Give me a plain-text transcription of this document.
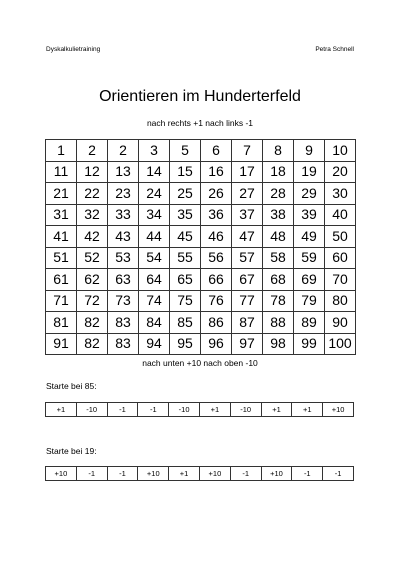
Dyskalkulietraining	Petra Schnell
Orientieren im Hunderterfeld
nach rechts +1 nach links -1
1	2	2	3	5	6	7	8	9	10
11	12	13	14	15	16	17	18	19	20
21	22	23	24	25	26	27	28	29	30
31	32	33	34	35	36	37	38	39	40
41	42	43	44	45	46	47	48	49	50
51	52	53	54	55	56	57	58	59	60
61	62	63	64	65	66	67	68	69	70
71	72	73	74	75	76	77	78	79	80
81	82	83	84	85	86	87	88	89	90
91	82	83	94	95	96	97	98	99	100
nach unten +10 nach oben -10
Starte bei 85:
+1	-10	-1	-1	-10	+1	-10	+1	+1	+10
Starte bei 19:
+10	-1	-1	+10	+1	+10	-1	+10	-1	-1
